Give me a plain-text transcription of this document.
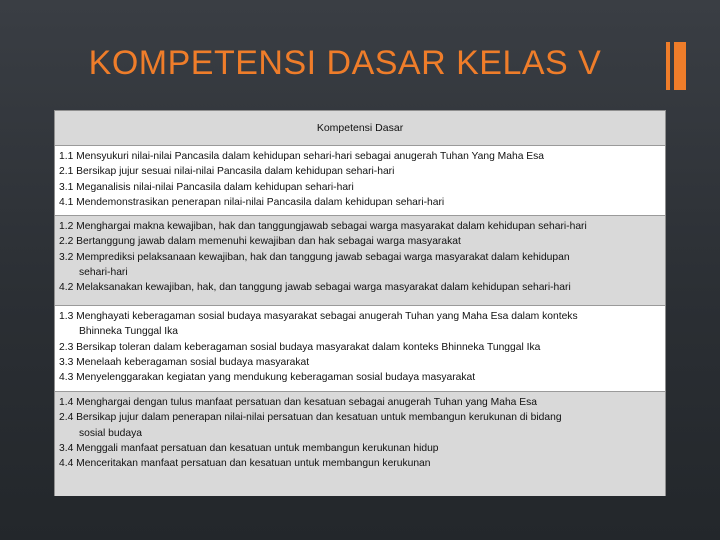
KOMPETENSI DASAR KELAS V
Kompetensi Dasar
1.1 Mensyukuri nilai-nilai Pancasila dalam kehidupan sehari-hari sebagai anugerah Tuhan Yang Maha Esa
2.1 Bersikap jujur sesuai nilai-nilai Pancasila dalam kehidupan sehari-hari
3.1 Meganalisis nilai-nilai Pancasila dalam kehidupan sehari-hari
4.1 Mendemonstrasikan penerapan nilai-nilai Pancasila dalam kehidupan sehari-hari
1.2 Menghargai makna kewajiban, hak dan tanggungjawab sebagai warga masyarakat dalam kehidupan sehari-hari
2.2 Bertanggung jawab dalam memenuhi kewajiban dan hak sebagai warga masyarakat
3.2 Memprediksi pelaksanaan kewajiban, hak dan tanggung jawab sebagai warga masyarakat dalam kehidupan
sehari-hari
4.2 Melaksanakan kewajiban, hak, dan tanggung jawab sebagai warga masyarakat dalam kehidupan sehari-hari
1.3 Menghayati keberagaman sosial budaya masyarakat sebagai anugerah Tuhan yang Maha Esa dalam konteks
Bhinneka Tunggal Ika
2.3 Bersikap toleran dalam keberagaman sosial budaya masyarakat dalam konteks Bhinneka Tunggal Ika
3.3 Menelaah keberagaman sosial budaya masyarakat
4.3 Menyelenggarakan kegiatan yang mendukung keberagaman sosial budaya masyarakat
1.4 Menghargai dengan tulus manfaat persatuan dan kesatuan sebagai anugerah Tuhan yang Maha Esa
2.4 Bersikap jujur dalam penerapan nilai-nilai persatuan dan kesatuan untuk membangun kerukunan di bidang
sosial budaya
3.4 Menggali manfaat persatuan dan kesatuan untuk membangun kerukunan hidup
4.4 Menceritakan manfaat persatuan dan kesatuan untuk membangun kerukunan
